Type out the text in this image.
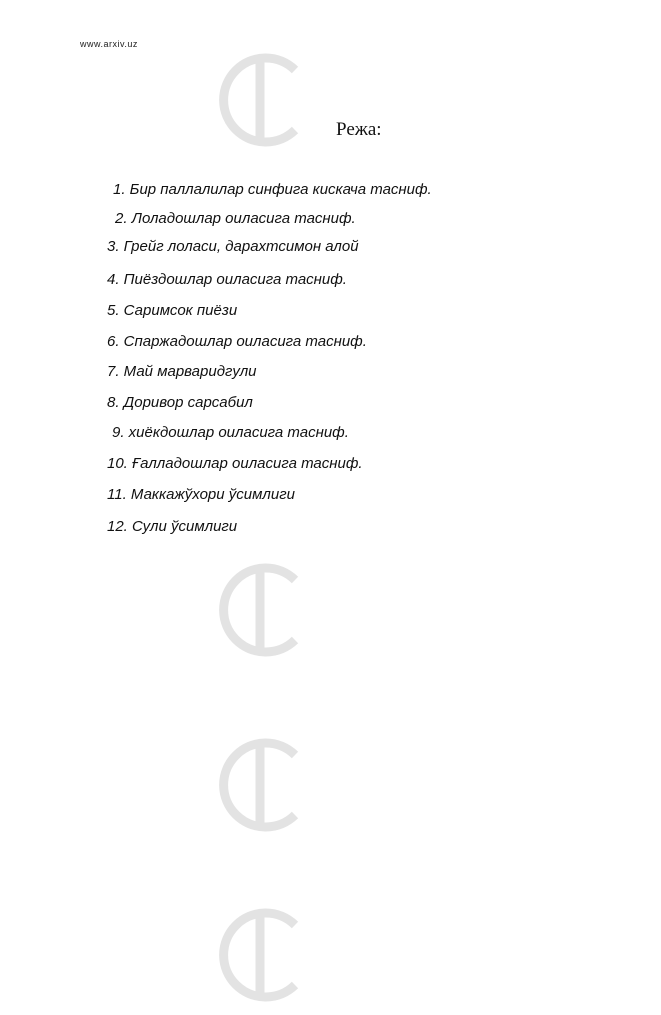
www.arxiv.uz
Режа:
1. Бир паллалилар синфига кискача тасниф.
2. Лоладошлар оиласига тасниф.
3. Грейг лоласи, дарахтсимон алой
4. Пиёздошлар оиласига тасниф.
5. Саримсок пиёзи
6. Спаржадошлар оиласига тасниф.
7. Май марваридгули
8. Доривор сарсабил
9. хиёкдошлар оиласига тасниф.
10. Ғалладошлар оиласига тасниф.
11. Маккажўхори ўсимлиги
12. Сули ўсимлиги
